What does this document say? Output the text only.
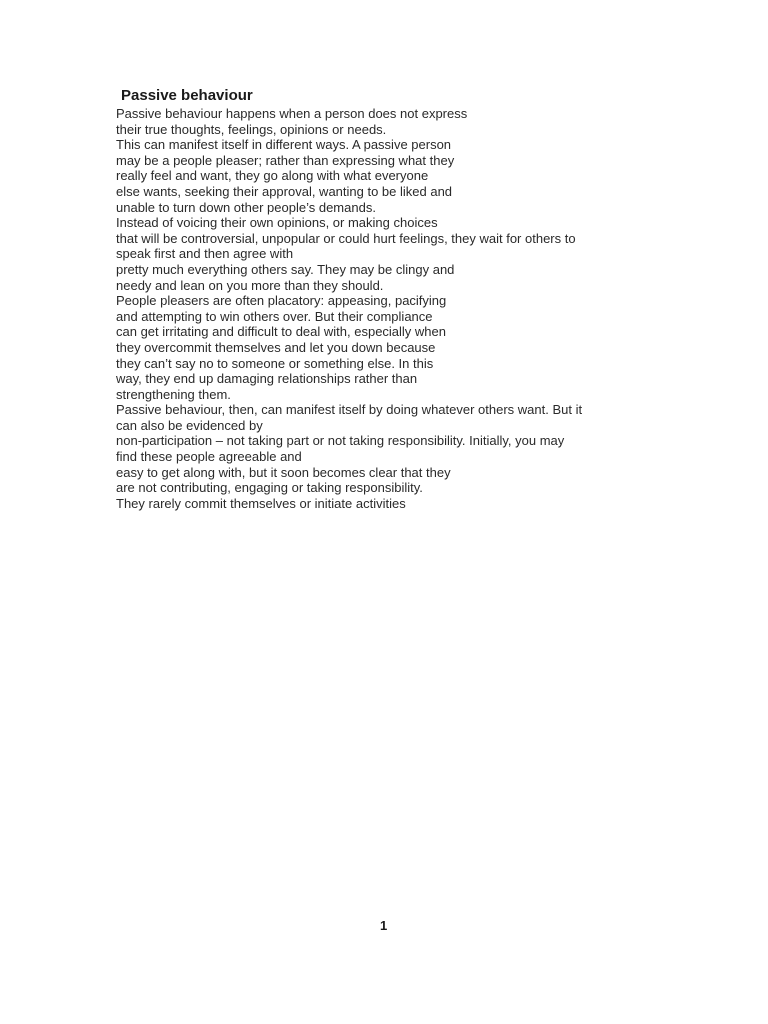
Passive behaviour
Passive behaviour happens when a person does not express
their true thoughts, feelings, opinions or needs.
This can manifest itself in different ways. A passive person
may be a people pleaser; rather than expressing what they
really feel and want, they go along with what everyone
else wants, seeking their approval, wanting to be liked and
unable to turn down other people’s demands.
Instead of voicing their own opinions, or making choices
that will be controversial, unpopular or could hurt feelings, they wait for others to
speak first and then agree with
pretty much everything others say. They may be clingy and
needy and lean on you more than they should.
People pleasers are often placatory: appeasing, pacifying
and attempting to win others over. But their compliance
can get irritating and difficult to deal with, especially when
they overcommit themselves and let you down because
they can’t say no to someone or something else. In this
way, they end up damaging relationships rather than
strengthening them.
Passive behaviour, then, can manifest itself by doing whatever others want. But it
can also be evidenced by
non-participation – not taking part or not taking responsibility. Initially, you may
find these people agreeable and
easy to get along with, but it soon becomes clear that they
are not contributing, engaging or taking responsibility.
They rarely commit themselves or initiate activities
1
